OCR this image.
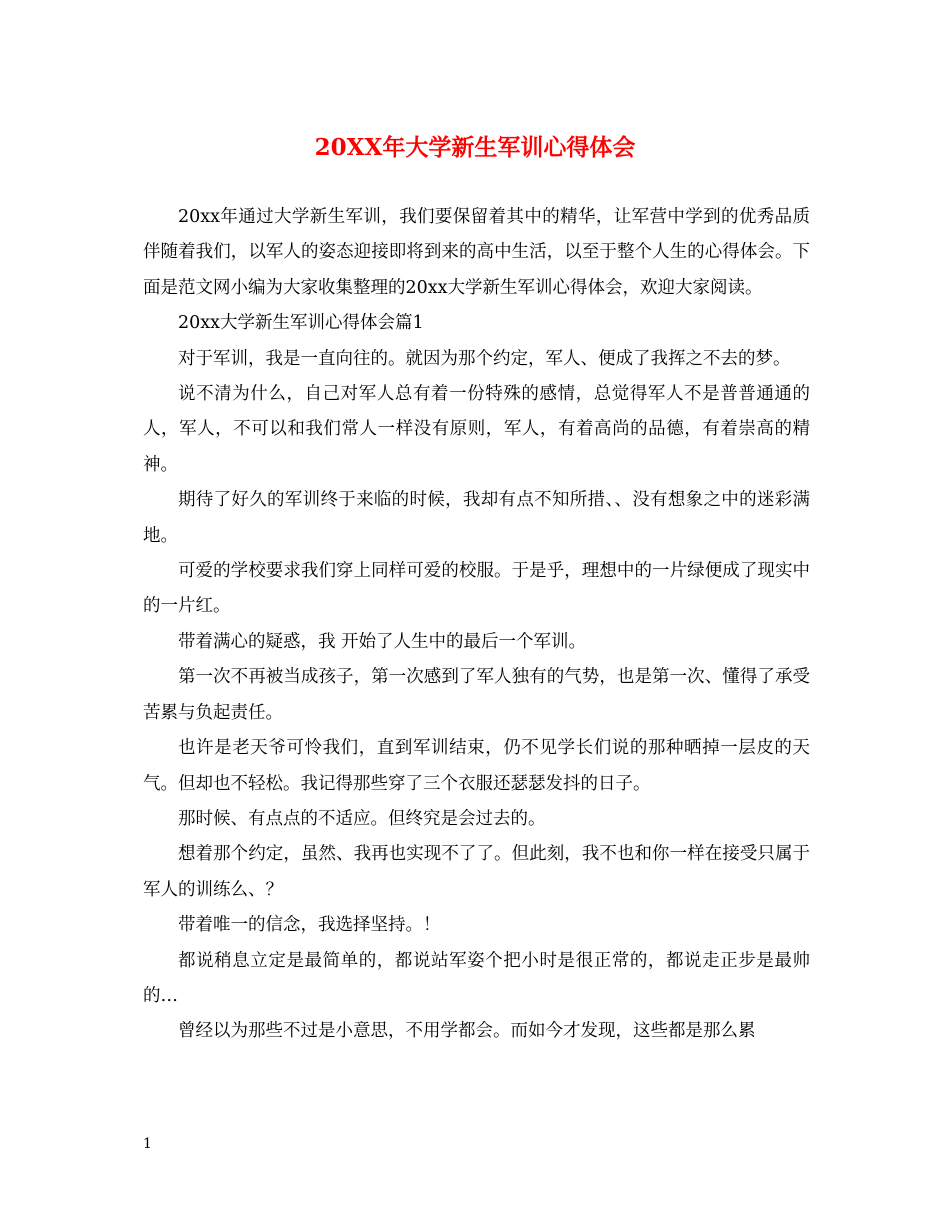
20XX年大学新生军训心得体会

20xx年通过大学新生军训，我们要保留着其中的精华，让军营中学到的优秀品质伴随着我们，以军人的姿态迎接即将到来的高中生活，以至于整个人生的心得体会。下面是范文网小编为大家收集整理的20xx大学新生军训心得体会，欢迎大家阅读。

20xx大学新生军训心得体会篇1

对于军训，我是一直向往的。就因为那个约定，军人、便成了我挥之不去的梦。

说不清为什么，自己对军人总有着一份特殊的感情，总觉得军人不是普普通通的人，军人，不可以和我们常人一样没有原则，军人，有着高尚的品德，有着崇高的精神。

期待了好久的军训终于来临的时候，我却有点不知所措、、没有想象之中的迷彩满地。

可爱的学校要求我们穿上同样可爱的校服。于是乎，理想中的一片绿便成了现实中的一片红。

带着满心的疑惑，我 开始了人生中的最后一个军训。

第一次不再被当成孩子，第一次感到了军人独有的气势，也是第一次、懂得了承受苦累与负起责任。

也许是老天爷可怜我们，直到军训结束，仍不见学长们说的那种晒掉一层皮的天气。但却也不轻松。我记得那些穿了三个衣服还瑟瑟发抖的日子。

那时候、有点点的不适应。但终究是会过去的。

想着那个约定，虽然、我再也实现不了了。但此刻，我不也和你一样在接受只属于军人的训练么、？

带着唯一的信念，我选择坚持。！

都说稍息立定是最简单的，都说站军姿个把小时是很正常的，都说走正步是最帅的…

曾经以为那些不过是小意思，不用学都会。而如今才发现，这些都是那么累

1
